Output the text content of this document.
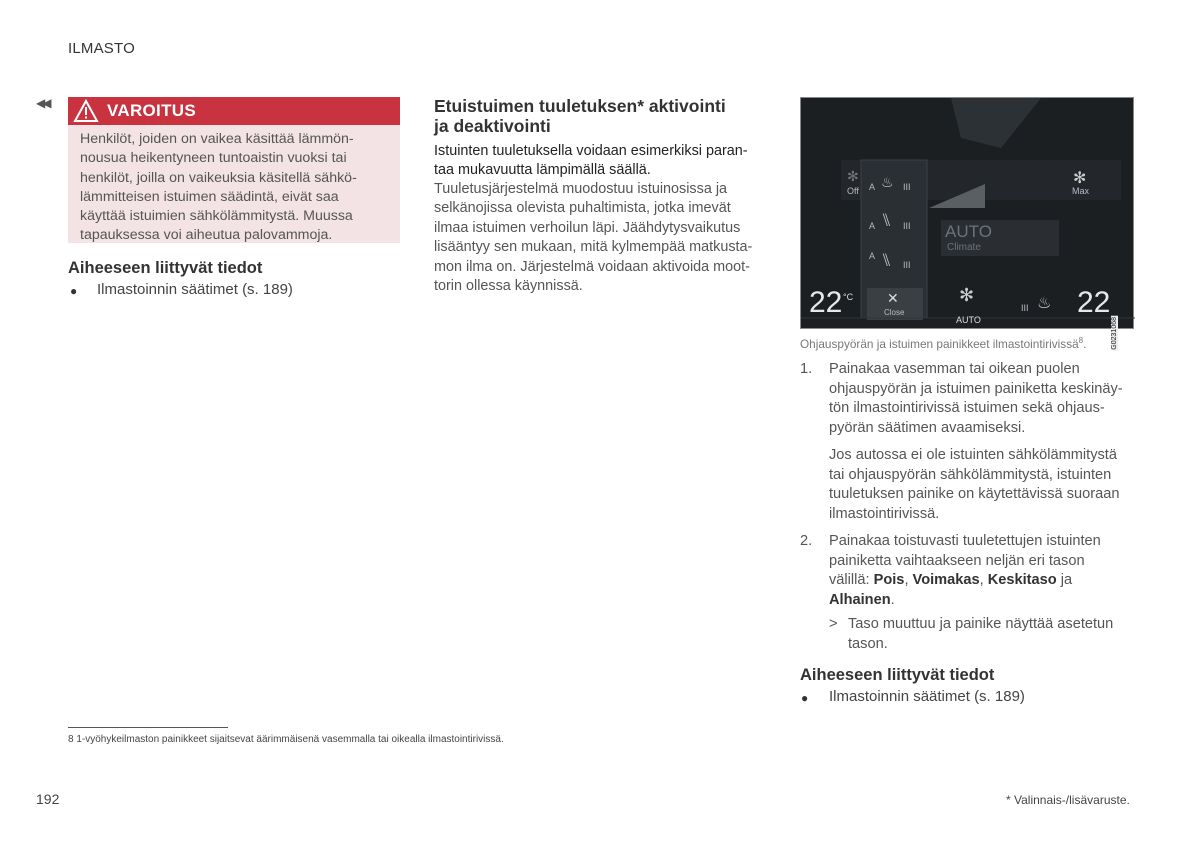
ILMASTO
◀◀	VAROITUS
Henkilöt, joiden on vaikea käsittää lämmön-
nousua heikentyneen tuntoaistin vuoksi tai
henkilöt, joilla on vaikeuksia käsitellä sähkö-
lämmitteisen istuimen säädintä, eivät saa
käyttää istuimien sähkölämmitystä. Muussa
tapauksessa voi aiheutua palovammoja.
Aiheeseen liittyvät tiedot
● Ilmastoinnin säätimet (s. 189)
Etuistuimen tuuletuksen* aktivointi
ja deaktivointi
Istuinten tuuletuksella voidaan esimerkiksi paran-
taa mukavuutta lämpimällä säällä.
Tuuletusjärjestelmä muodostuu istuinosissa ja
selkänojissa olevista puhaltimista, jotka imevät
ilmaa istuimen verhoilun läpi. Jäähdytysvaikutus
lisääntyy sen mukaan, mitä kylmempää matkusta-
mon ilma on. Järjestelmä voidaan aktivoida moot-
torin ollessa käynnissä.
Off	Max
A
A
A
III
III
III
III
♨
⑊
⑊
✻
✻
AUTO
Climate
22 °C ✕
Close
✻
AUTO
♨ 22
G0231068
Ohjauspyörän ja istuimen painikkeet ilmastointirivissä$^8$.
1. Painakaa vasemman tai oikean puolen
ohjauspyörän ja istuimen painiketta keskinäy-
tön ilmastointirivissä istuimen sekä ohjaus-
pyörän säätimen avaamiseksi.
Jos autossa ei ole istuinten sähkölämmitystä
tai ohjauspyörän sähkölämmitystä, istuinten
tuuletuksen painike on käytettävissä suoraan
ilmastointirivissä.
2. Painakaa toistuvasti tuuletettujen istuinten
painiketta vaihtaakseen neljän eri tason
välillä: Pois, Voimakas, Keskitaso ja
Alhainen.
> Taso muuttuu ja painike näyttää asetetun
tason.
Aiheeseen liittyvät tiedot
● Ilmastoinnin säätimet (s. 189)
8 1-vyöhykeilmaston painikkeet sijaitsevat äärimmäisenä vasemmalla tai oikealla ilmastointirivissä.
192	* Valinnais-/lisävaruste.
